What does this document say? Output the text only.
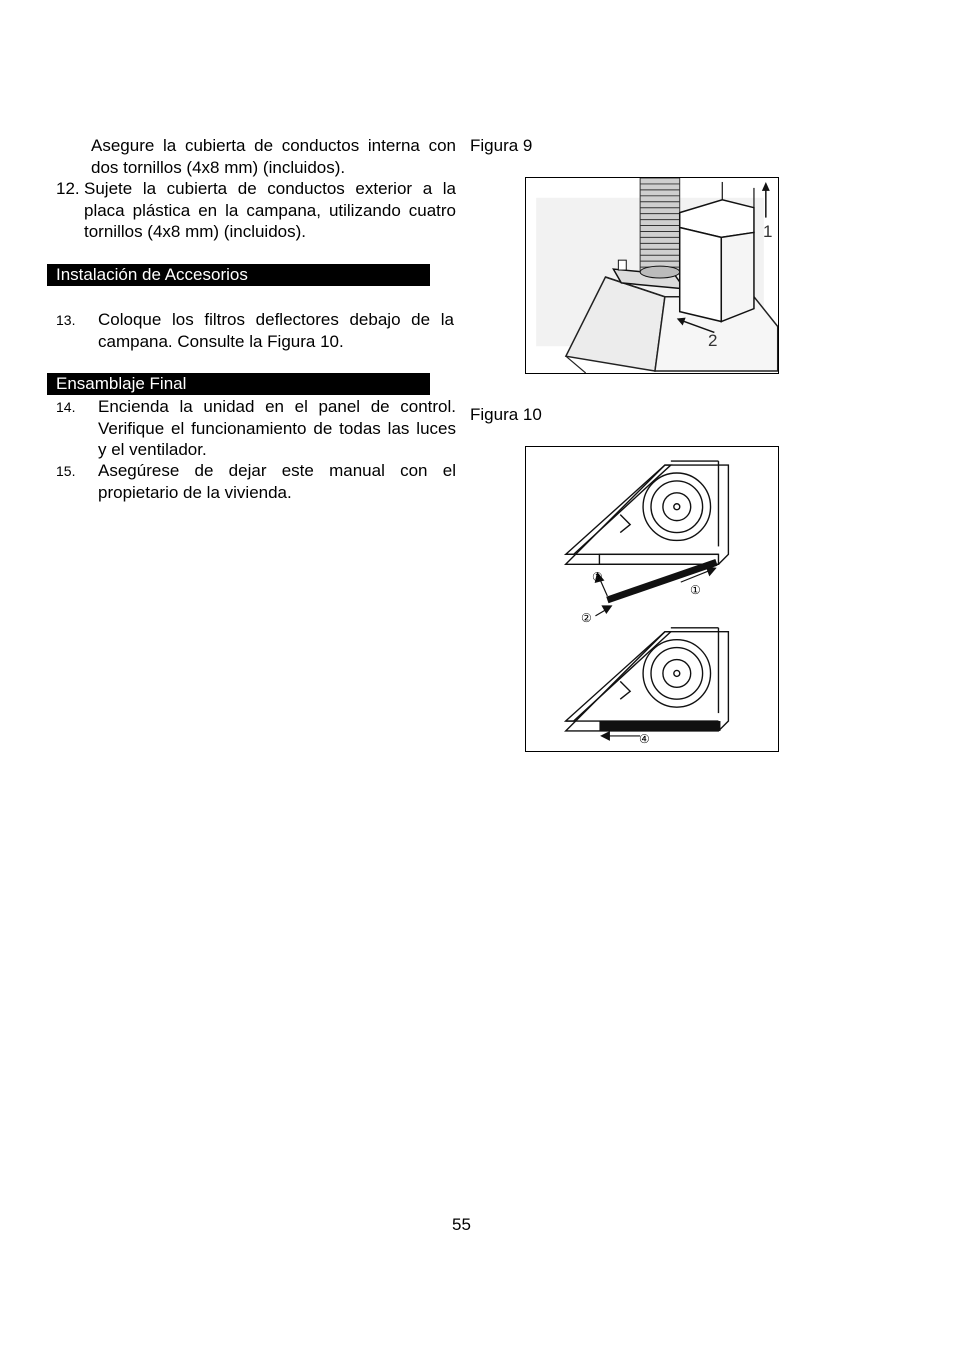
Asegure la cubierta de conductos interna con dos tornillos (4x8 mm) (incluidos).
12. Sujete la cubierta de conductos exterior a la placa plástica en la campana, utilizando cuatro tornillos (4x8 mm) (incluidos).
Instalación de Accesorios
13. Coloque los filtros deflectores debajo de la campana. Consulte la Figura 10.
Ensamblaje Final
14. Encienda la unidad en el panel de control. Verifique el funcionamiento de todas las luces y el ventilador.
15. Asegúrese de dejar este manual con el propietario de la vivienda.
Figura 9
1
2
Figura 10
①
②
③
④
55
